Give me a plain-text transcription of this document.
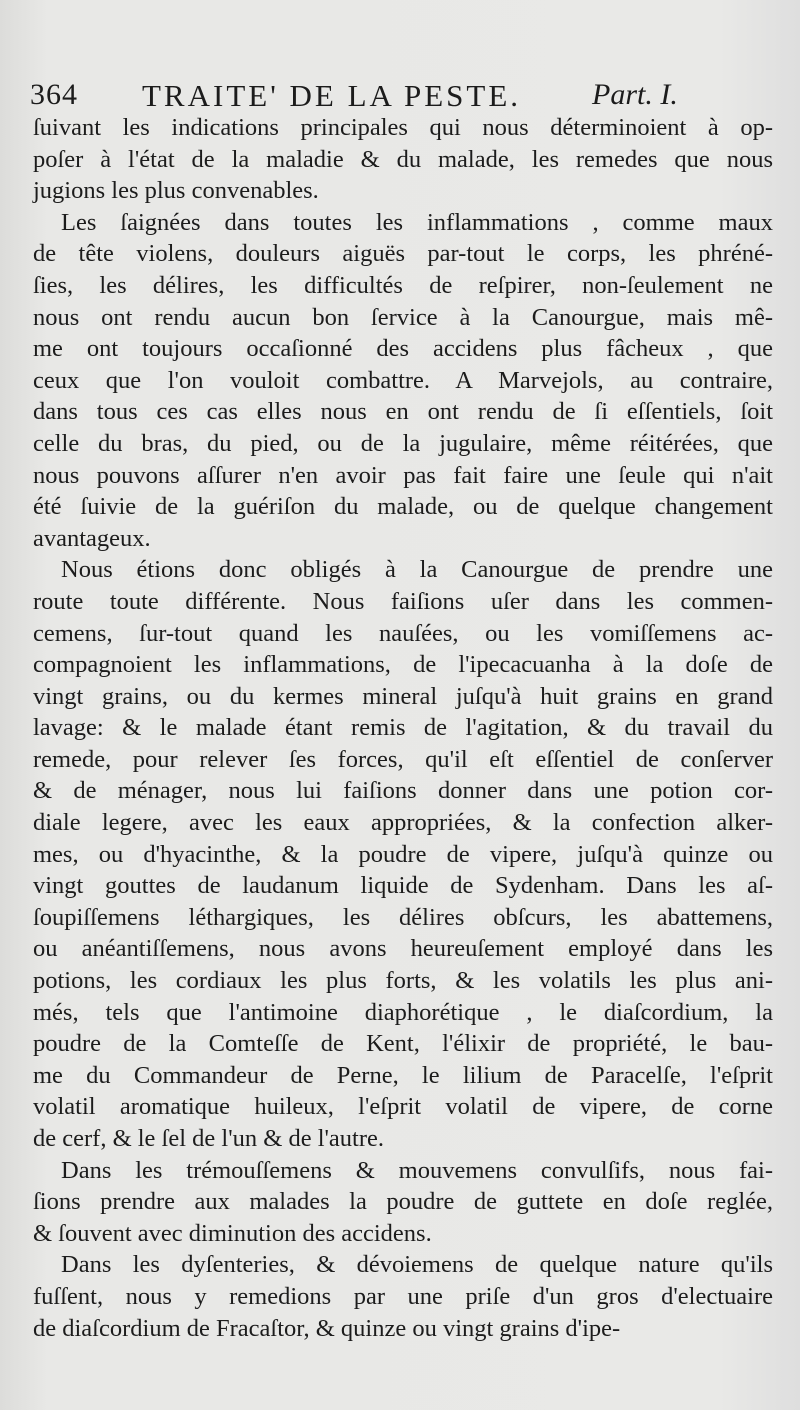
364 TRAITE' DE LA PESTE. Part. I.
ſuivant les indications principales qui nous déterminoient à op-
poſer à l'état de la maladie & du malade, les remedes que nous
jugions les plus convenables.
Les ſaignées dans toutes les inflammations , comme maux
de tête violens, douleurs aiguës par-tout le corps, les phréné-
ſies, les délires, les difficultés de reſpirer, non-ſeulement ne
nous ont rendu aucun bon ſervice à la Canourgue, mais mê-
me ont toujours occaſionné des accidens plus fâcheux , que
ceux que l'on vouloit combattre. A Marvejols, au contraire,
dans tous ces cas elles nous en ont rendu de ſi eſſentiels, ſoit
celle du bras, du pied, ou de la jugulaire, même réitérées, que
nous pouvons aſſurer n'en avoir pas fait faire une ſeule qui n'ait
été ſuivie de la guériſon du malade, ou de quelque changement
avantageux.
Nous étions donc obligés à la Canourgue de prendre une
route toute différente. Nous faiſions uſer dans les commen-
cemens, ſur-tout quand les nauſées, ou les vomiſſemens ac-
compagnoient les inflammations, de l'ipecacuanha à la doſe de
vingt grains, ou du kermes mineral juſqu'à huit grains en grand
lavage: & le malade étant remis de l'agitation, & du travail du
remede, pour relever ſes forces, qu'il eſt eſſentiel de conſerver
& de ménager, nous lui faiſions donner dans une potion cor-
diale legere, avec les eaux appropriées, & la confection alker-
mes, ou d'hyacinthe, & la poudre de vipere, juſqu'à quinze ou
vingt gouttes de laudanum liquide de Sydenham. Dans les aſ-
ſoupiſſemens léthargiques, les délires obſcurs, les abattemens,
ou anéantiſſemens, nous avons heureuſement employé dans les
potions, les cordiaux les plus forts, & les volatils les plus ani-
més, tels que l'antimoine diaphorétique , le diaſcordium, la
poudre de la Comteſſe de Kent, l'élixir de propriété, le bau-
me du Commandeur de Perne, le lilium de Paracelſe, l'eſprit
volatil aromatique huileux, l'eſprit volatil de vipere, de corne
de cerf, & le ſel de l'un & de l'autre.
Dans les trémouſſemens & mouvemens convulſifs, nous fai-
ſions prendre aux malades la poudre de guttete en doſe reglée,
& ſouvent avec diminution des accidens.
Dans les dyſenteries, & dévoiemens de quelque nature qu'ils
fuſſent, nous y remedions par une priſe d'un gros d'electuaire
de diaſcordium de Fracaſtor, & quinze ou vingt grains d'ipe-
